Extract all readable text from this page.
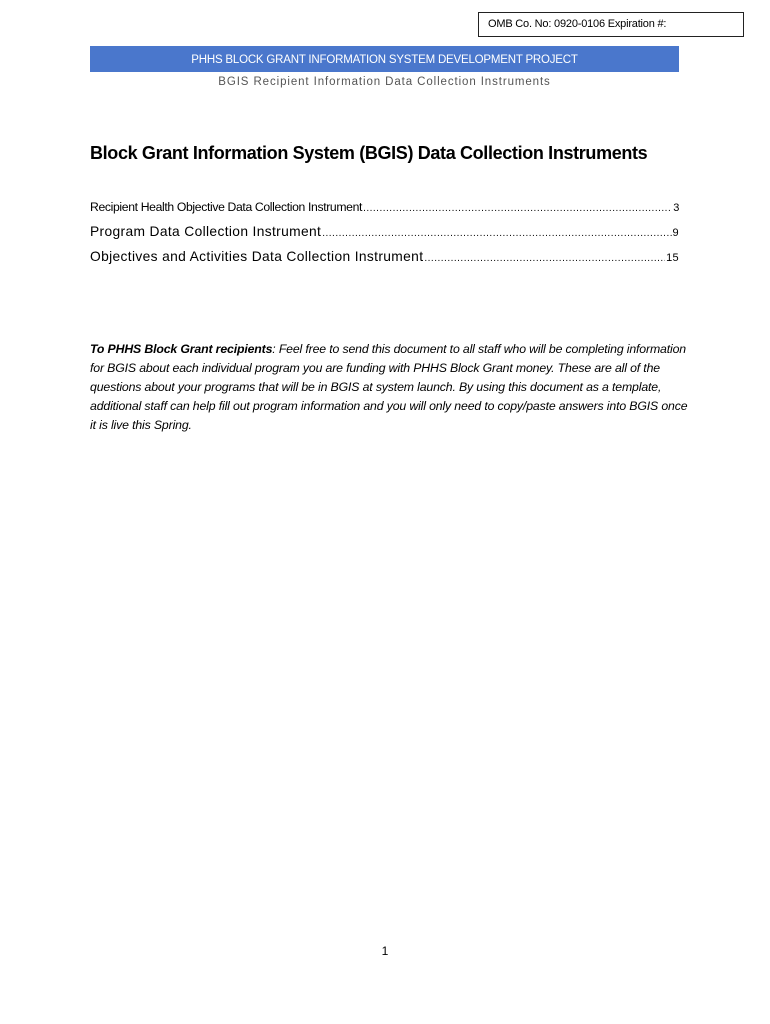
OMB Co. No: 0920-0106 Expiration #:
PHHS BLOCK GRANT INFORMATION SYSTEM DEVELOPMENT PROJECT
BGIS Recipient Information Data Collection Instruments
Block Grant Information System (BGIS) Data Collection Instruments
Recipient Health Objective Data Collection Instrument .....	3
Program Data Collection Instrument .....	9
Objectives and Activities Data Collection Instrument .....	15
To PHHS Block Grant recipients: Feel free to send this document to all staff who will be completing information for BGIS about each individual program you are funding with PHHS Block Grant money. These are all of the questions about your programs that will be in BGIS at system launch. By using this document as a template, additional staff can help fill out program information and you will only need to copy/paste answers into BGIS once it is live this Spring.
1
